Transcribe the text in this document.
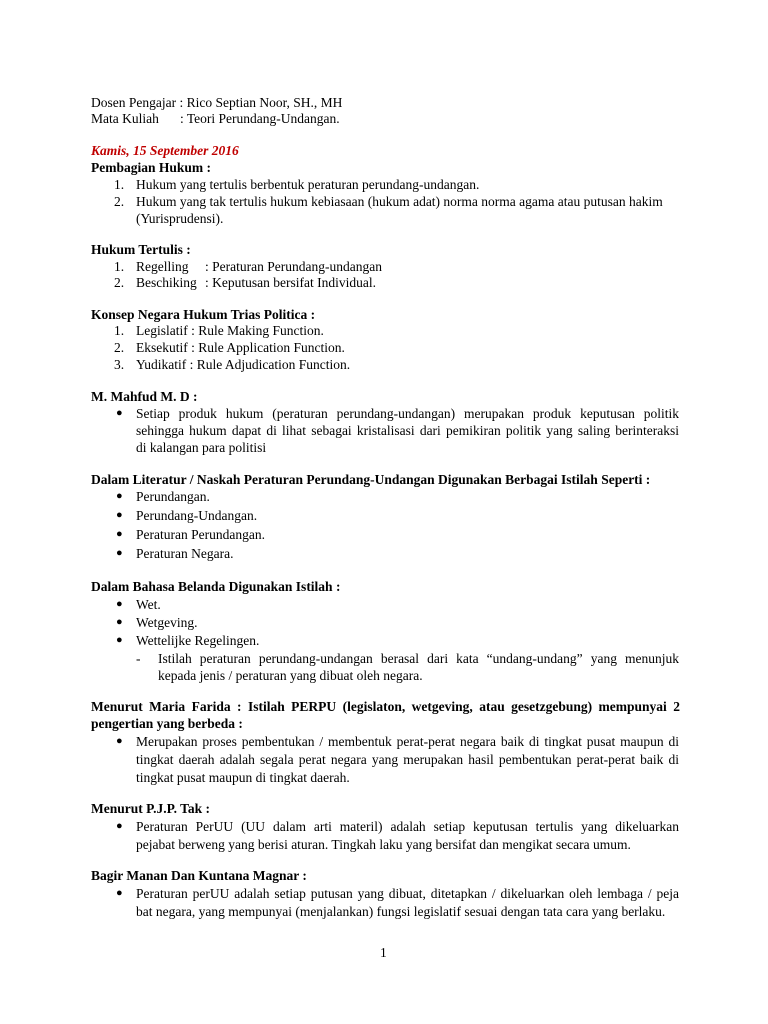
Dosen Pengajar : Rico Septian Noor, SH., MH
Mata Kuliah : Teori Perundang-Undangan.
Kamis, 15 September 2016
Pembagian Hukum :
1. Hukum yang tertulis berbentuk peraturan perundang-undangan.
2. Hukum yang tak tertulis hukum kebiasaan (hukum adat) norma norma agama atau putusan hakim
(Yurisprudensi).
Hukum Tertulis :
1. Regelling : Peraturan Perundang-undangan
2. Beschiking : Keputusan bersifat Individual.
Konsep Negara Hukum Trias Politica :
1. Legislatif : Rule Making Function.
2. Eksekutif : Rule Application Function.
3. Yudikatif : Rule Adjudication Function.
M. Mahfud M. D :
● Setiap produk hukum (peraturan perundang-undangan) merupakan produk keputusan politik
sehingga hukum dapat di lihat sebagai kristalisasi dari pemikiran politik yang saling berinteraksi
di kalangan para politisi
Dalam Literatur / Naskah Peraturan Perundang-Undangan Digunakan Berbagai Istilah Seperti :
● Perundangan.
● Perundang-Undangan.
● Peraturan Perundangan.
● Peraturan Negara.
Dalam Bahasa Belanda Digunakan Istilah :
● Wet.
● Wetgeving.
● Wettelijke Regelingen.
- Istilah peraturan perundang-undangan berasal dari kata “undang-undang” yang menunjuk
kepada jenis / peraturan yang dibuat oleh negara.
Menurut Maria Farida : Istilah PERPU (legislaton, wetgeving, atau gesetzgebung) mempunyai 2
pengertian yang berbeda :
● Merupakan proses pembentukan / membentuk perat-perat negara baik di tingkat pusat maupun di
tingkat daerah adalah segala perat negara yang merupakan hasil pembentukan perat-perat baik di
tingkat pusat maupun di tingkat daerah.
Menurut P.J.P. Tak :
● Peraturan PerUU (UU dalam arti materil) adalah setiap keputusan tertulis yang dikeluarkan
pejabat berweng yang berisi aturan. Tingkah laku yang bersifat dan mengikat secara umum.
Bagir Manan Dan Kuntana Magnar :
● Peraturan perUU adalah setiap putusan yang dibuat, ditetapkan / dikeluarkan oleh lembaga / peja
bat negara, yang mempunyai (menjalankan) fungsi legislatif sesuai dengan tata cara yang berlaku.
1
